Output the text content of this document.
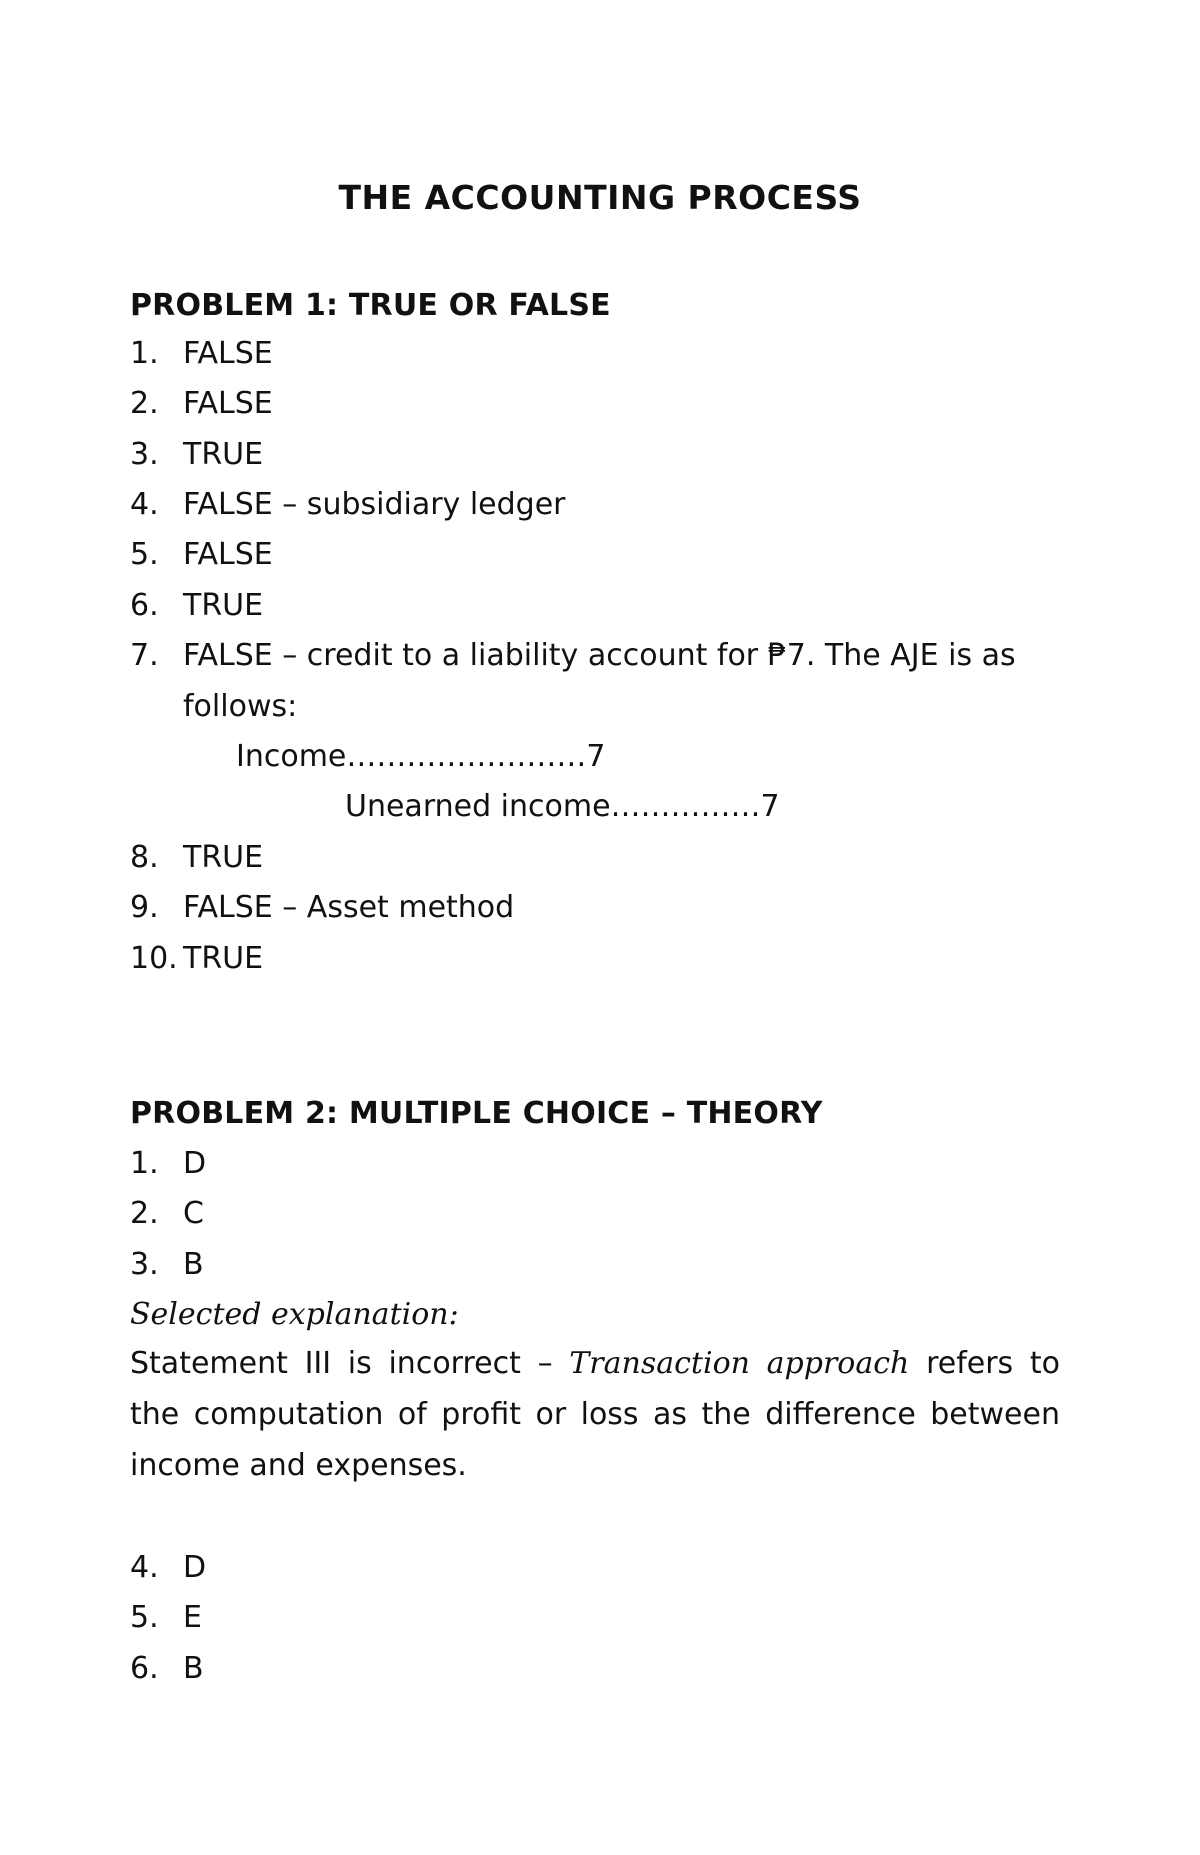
THE ACCOUNTING PROCESS
PROBLEM 1: TRUE OR FALSE
1. FALSE
2. FALSE
3. TRUE
4. FALSE – subsidiary ledger
5. FALSE
6. TRUE
7. FALSE – credit to a liability account for ₱7. The AJE is as
follows:
Income……………………7
Unearned income……………7
8. TRUE
9. FALSE – Asset method
10. TRUE
PROBLEM 2: MULTIPLE CHOICE – THEORY
1. D
2. C
3. B
Selected explanation:
Statement III is incorrect – Transaction approach refers to the computation of profit or loss as the difference between income and expenses.
4. D
5. E
6. B
